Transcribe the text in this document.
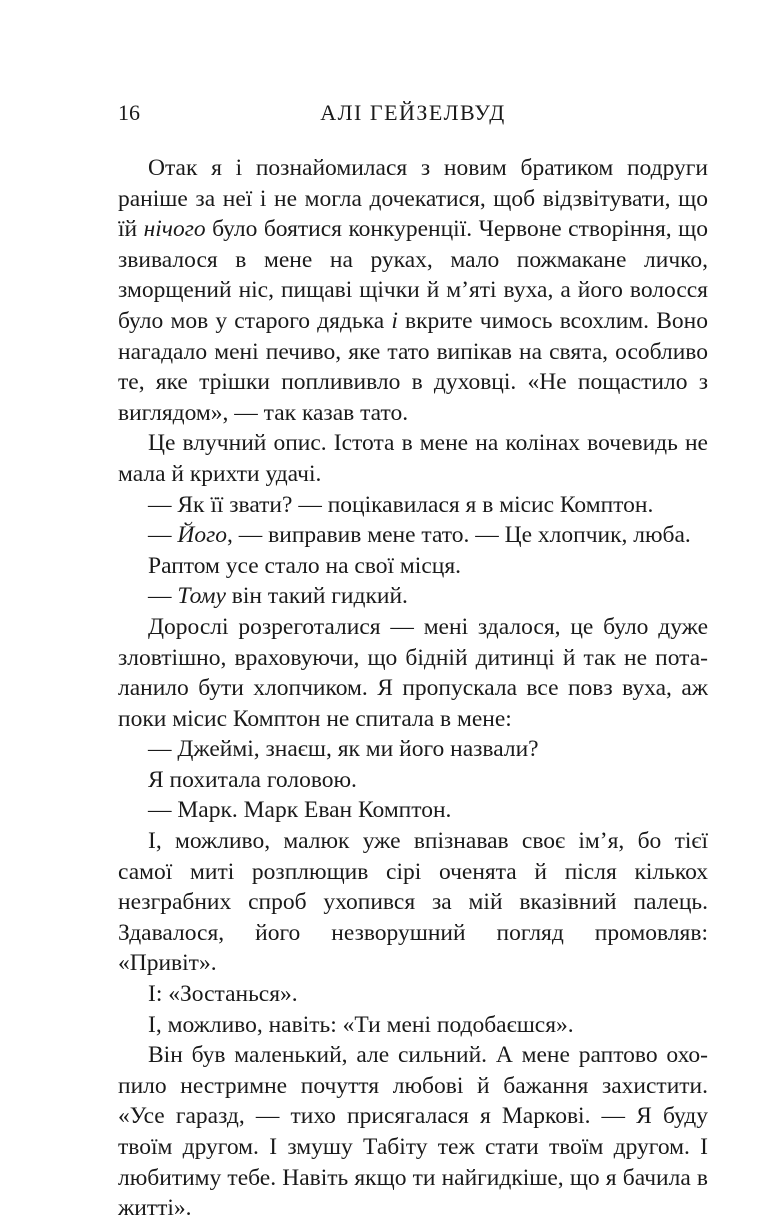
16	АЛІ ГЕЙЗЕЛВУД

Отак я і познайомилася з новим братиком подруги раніше за неї і не могла дочекатися, щоб відзвітувати, що їй нічого було боятися конкуренції. Червоне створіння, що звивалося в мене на руках, мало пожмакане личко, зморщений ніс, пищаві щічки й м’яті вуха, а його волосся було мов у старого дядька і вкрите чимось всохлим. Воно нагадало мені печиво, яке тато випікав на свята, особливо те, яке трішки поплививло в духовці. «Не пощастило з виглядом», — так казав тато.

Це влучний опис. Істота в мене на колінах вочевидь не мала й крихти удачі.

— Як її звати? — поцікавилася я в місис Комптон.

— Його, — виправив мене тато. — Це хлопчик, люба.

Раптом усе стало на свої місця.

— Тому він такий гидкий.

Дорослі розреготалися — мені здалося, це було дуже зловтішно, враховуючи, що бідній дитинці й так не поталанило бути хлопчиком. Я пропускала все повз вуха, аж поки місис Комптон не спитала в мене:

— Джеймі, знаєш, як ми його назвали?

Я похитала головою.

— Марк. Марк Еван Комптон.

І, можливо, малюк уже впізнавав своє ім’я, бо тієї самої миті розплющив сірі оченята й після кількох незграбних спроб ухопився за мій вказівний палець. Здавалося, його незворушний погляд промовляв: «Привіт».

І: «Зостанься».

І, можливо, навіть: «Ти мені подобаєшся».

Він був маленький, але сильний. А мене раптово охопило нестримне почуття любові й бажання захистити. «Усе гаразд, — тихо присягалася я Маркові. — Я буду твоїм другом. І змушу Табіту теж стати твоїм другом. І любитиму тебе. Навіть якщо ти найгидкіше, що я бачила в житті».
